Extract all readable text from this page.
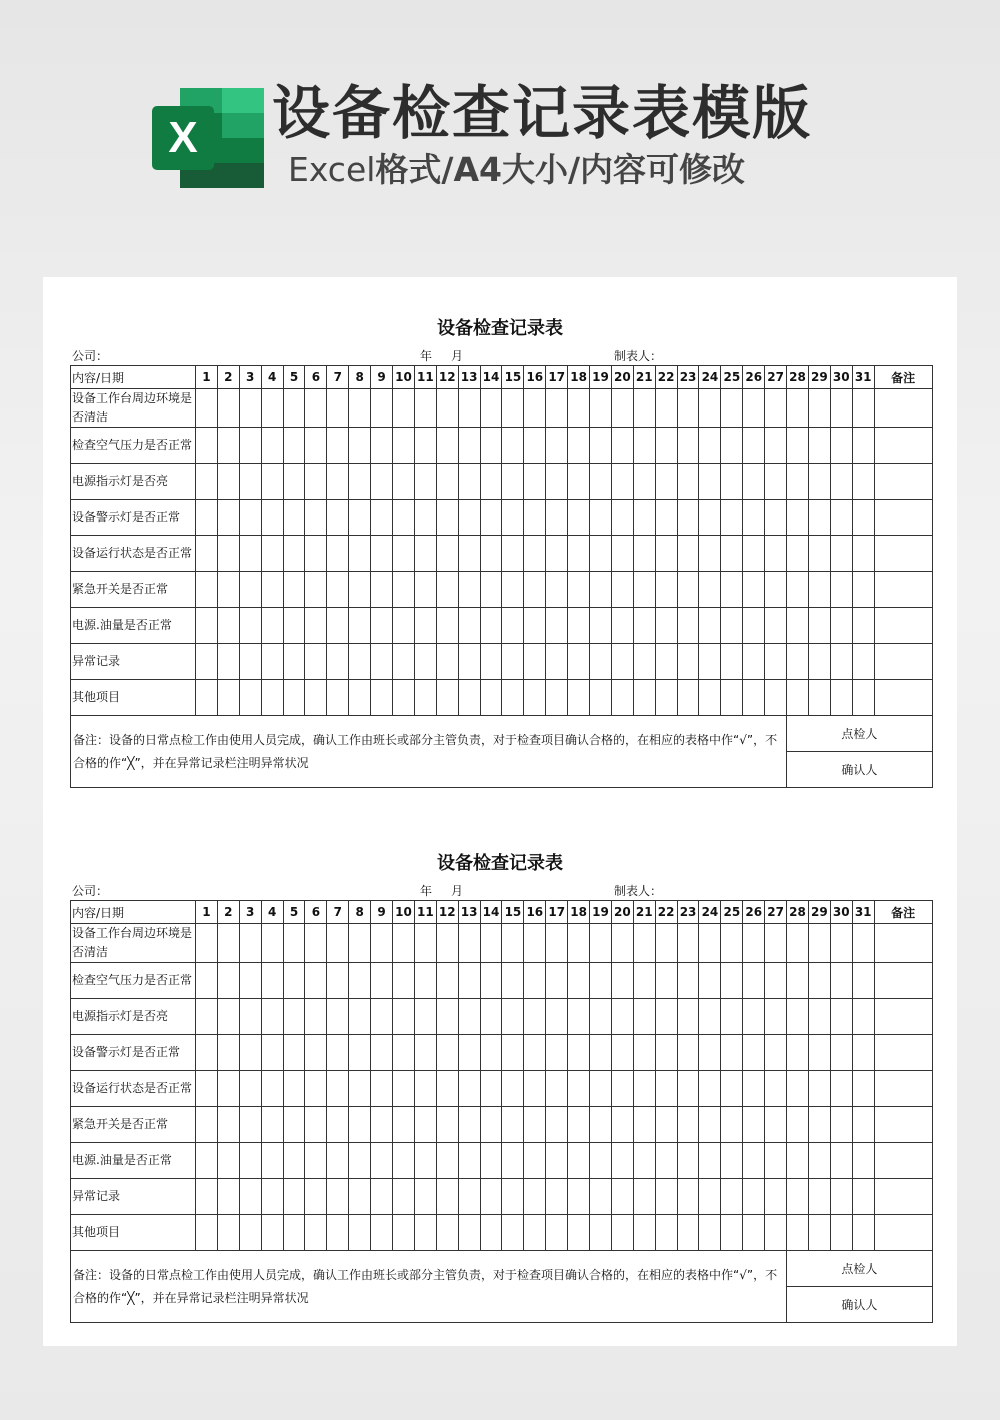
X 设备检查记录表模版
Excel格式/A4大小/内容可修改
设备检查记录表
公司：	年 月	制表人：
内容/日期	1	2	3	4	5	6	7	8	9	10	11	12	13	14	15	16	17	18	19	20	21	22	23	24	25	26	27	28	29	30	31	备注	
设备工作台周边环境是否清洁																																	
检查空气压力是否正常																																	
电源指示灯是否亮																																	
设备警示灯是否正常																																	
设备运行状态是否正常																																	
紧急开关是否正常																																	
电源.油量是否正常																																	
异常记录																																	
其他项目																																	
备注：设备的日常点检工作由使用人员完成，确认工作由班长或部分主管负责，对于检查项目确认合格的，在相应的表格中作“√”，不合格的作“╳”，并在异常记录栏注明异常状况																												点检人					
																												确认人					
设备检查记录表
公司：	年 月	制表人：
内容/日期	1	2	3	4	5	6	7	8	9	10	11	12	13	14	15	16	17	18	19	20	21	22	23	24	25	26	27	28	29	30	31	备注	
设备工作台周边环境是否清洁																																	
检查空气压力是否正常																																	
电源指示灯是否亮																																	
设备警示灯是否正常																																	
设备运行状态是否正常																																	
紧急开关是否正常																																	
电源.油量是否正常																																	
异常记录																																	
其他项目																																	
备注：设备的日常点检工作由使用人员完成，确认工作由班长或部分主管负责，对于检查项目确认合格的，在相应的表格中作“√”，不合格的作“╳”，并在异常记录栏注明异常状况																												点检人					
																												确认人					
